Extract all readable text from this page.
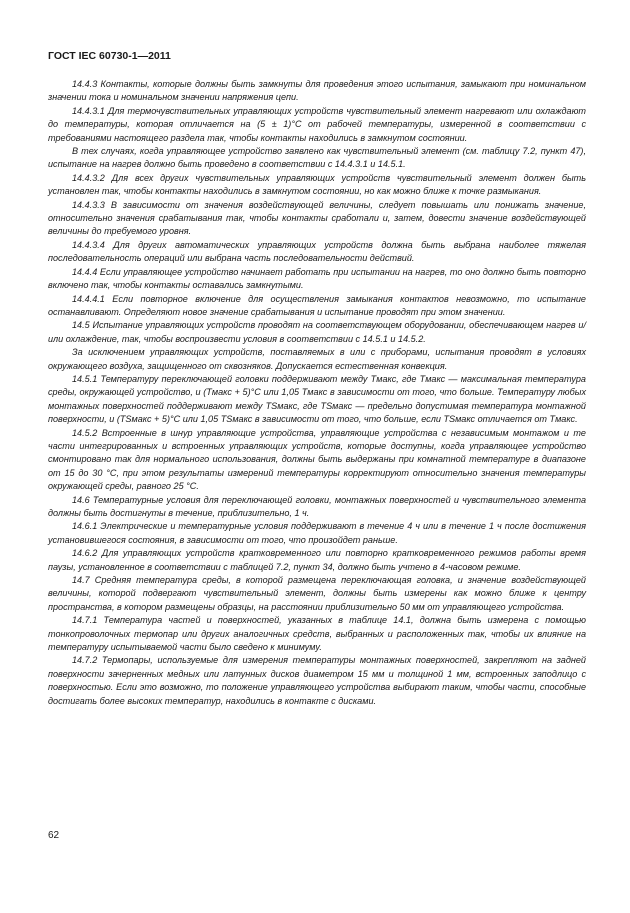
ГОСТ IEC 60730-1—2011

14.4.3 Контакты, которые должны быть замкнуты для проведения этого испытания, замыкают при номинальном значении тока и номинальном значении напряжения цепи.

14.4.3.1 Для термочувствительных управляющих устройств чувствительный элемент нагревают или охлаждают до температуры, которая отличается на (5 ± 1)°С от рабочей температуры, измеренной в соответствии с требованиями настоящего раздела так, чтобы контакты находились в замкнутом состоянии.

В тех случаях, когда управляющее устройство заявлено как чувствительный элемент (см. таблицу 7.2, пункт 47), испытание на нагрев должно быть проведено в соответствии с 14.4.3.1 и 14.5.1.

14.4.3.2 Для всех других чувствительных управляющих устройств чувствительный элемент должен быть установлен так, чтобы контакты находились в замкнутом состоянии, но как можно ближе к точке размыкания.

14.4.3.3 В зависимости от значения воздействующей величины, следует повышать или понижать значение, относительно значения срабатывания так, чтобы контакты сработали и, затем, довести значение воздействующей величины до требуемого уровня.

14.4.3.4 Для других автоматических управляющих устройств должна быть выбрана наиболее тяжелая последовательность операций или выбрана часть последовательности действий.

14.4.4 Если управляющее устройство начинает работать при испытании на нагрев, то оно должно быть повторно включено так, чтобы контакты оставались замкнутыми.

14.4.4.1 Если повторное включение для осуществления замыкания контактов невозможно, то испытание останавливают. Определяют новое значение срабатывания и испытание проводят при этом значении.

14.5 Испытание управляющих устройств проводят на соответствующем оборудовании, обеспечивающем нагрев и/или охлаждение, так, чтобы воспроизвести условия в соответствии с 14.5.1 и 14.5.2.

За исключением управляющих устройств, поставляемых в или с приборами, испытания проводят в условиях окружающего воздуха, защищенного от сквозняков. Допускается естественная конвекция.

14.5.1 Температуру переключающей головки поддерживают между Tмакс, где Tмакс — максимальная температура среды, окружающей устройство, и (Tмакс + 5)°С или 1,05 Tмакс в зависимости от того, что больше. Температуру любых монтажных поверхностей поддерживают между TSмакс, где TSмакс — предельно допустимая температура монтажной поверхности, и (TSмакс + 5)°С или 1,05 TSмакс в зависимости от того, что больше, если TSмакс отличается от Tмакс.

14.5.2 Встроенные в шнур управляющие устройства, управляющие устройства с независимым монтажом и те части интегрированных и встроенных управляющих устройств, которые доступны, когда управляющее устройство смонтировано так для нормального использования, должны быть выдержаны при комнатной температуре в диапазоне от 15 до 30 °С, при этом результаты измерений температуры корректируют относительно значения температуры окружающей среды, равного 25 °С.

14.6 Температурные условия для переключающей головки, монтажных поверхностей и чувствительного элемента должны быть достигнуты в течение, приблизительно, 1 ч.

14.6.1 Электрические и температурные условия поддерживают в течение 4 ч или в течение 1 ч после достижения установившегося состояния, в зависимости от того, что произойдет раньше.

14.6.2 Для управляющих устройств кратковременного или повторно кратковременного режимов работы время паузы, установленное в соответствии с таблицей 7.2, пункт 34, должно быть учтено в 4-часовом режиме.

14.7 Средняя температура среды, в которой размещена переключающая головка, и значение воздействующей величины, которой подвергают чувствительный элемент, должны быть измерены как можно ближе к центру пространства, в котором размещены образцы, на расстоянии приблизительно 50 мм от управляющего устройства.

14.7.1 Температура частей и поверхностей, указанных в таблице 14.1, должна быть измерена с помощью тонкопроволочных термопар или других аналогичных средств, выбранных и расположенных так, чтобы их влияние на температуру испытываемой части было сведено к минимуму.

14.7.2 Термопары, используемые для измерения температуры монтажных поверхностей, закрепляют на задней поверхности зачерненных медных или латунных дисков диаметром 15 мм и толщиной 1 мм, встроенных заподлицо с поверхностью. Если это возможно, то положение управляющего устройства выбирают таким, чтобы части, способные достигать более высоких температур, находились в контакте с дисками.

62
